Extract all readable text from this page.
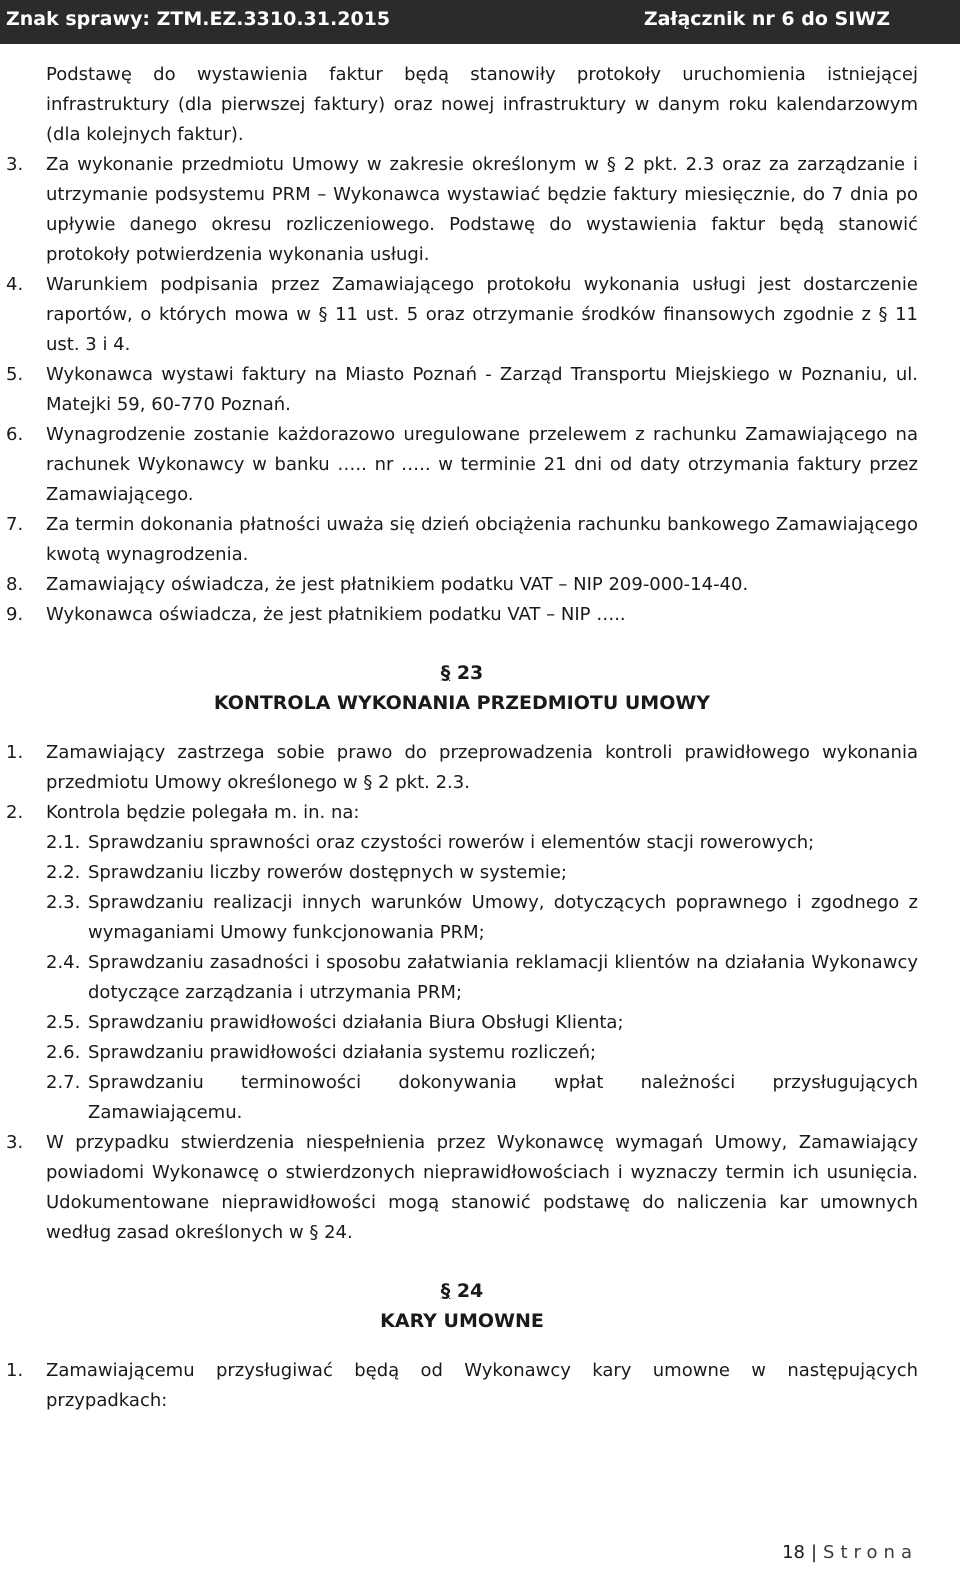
Znak sprawy: ZTM.EZ.3310.31.2015	Załącznik nr 6 do SIWZ
Podstawę do wystawienia faktur będą stanowiły protokoły uruchomienia istniejącej infrastruktury (dla pierwszej faktury) oraz nowej infrastruktury w danym roku kalendarzowym (dla kolejnych faktur).
3. Za wykonanie przedmiotu Umowy w zakresie określonym w § 2 pkt. 2.3 oraz za zarządzanie i utrzymanie podsystemu PRM – Wykonawca wystawiać będzie faktury miesięcznie, do 7 dnia po upływie danego okresu rozliczeniowego. Podstawę do wystawienia faktur będą stanowić protokoły potwierdzenia wykonania usługi.
4. Warunkiem podpisania przez Zamawiającego protokołu wykonania usługi jest dostarczenie raportów, o których mowa w § 11 ust. 5 oraz otrzymanie środków finansowych zgodnie z § 11 ust. 3 i 4.
5. Wykonawca wystawi faktury na Miasto Poznań - Zarząd Transportu Miejskiego w Poznaniu, ul. Matejki 59, 60-770 Poznań.
6. Wynagrodzenie zostanie każdorazowo uregulowane przelewem z rachunku Zamawiającego na rachunek Wykonawcy w banku ….. nr ….. w terminie 21 dni od daty otrzymania faktury przez Zamawiającego.
7. Za termin dokonania płatności uważa się dzień obciążenia rachunku bankowego Zamawiającego kwotą wynagrodzenia.
8. Zamawiający oświadcza, że jest płatnikiem podatku VAT – NIP 209-000-14-40.
9. Wykonawca oświadcza, że jest płatnikiem podatku VAT – NIP …..
§ 23
KONTROLA WYKONANIA PRZEDMIOTU UMOWY
1. Zamawiający zastrzega sobie prawo do przeprowadzenia kontroli prawidłowego wykonania przedmiotu Umowy określonego w § 2 pkt. 2.3.
2. Kontrola będzie polegała m. in. na:
2.1. Sprawdzaniu sprawności oraz czystości rowerów i elementów stacji rowerowych;
2.2. Sprawdzaniu liczby rowerów dostępnych w systemie;
2.3. Sprawdzaniu realizacji innych warunków Umowy, dotyczących poprawnego i zgodnego z wymaganiami Umowy funkcjonowania PRM;
2.4. Sprawdzaniu zasadności i sposobu załatwiania reklamacji klientów na działania Wykonawcy dotyczące zarządzania i utrzymania PRM;
2.5. Sprawdzaniu prawidłowości działania Biura Obsługi Klienta;
2.6. Sprawdzaniu prawidłowości działania systemu rozliczeń;
2.7. Sprawdzaniu terminowości dokonywania wpłat należności przysługujących Zamawiającemu.
3. W przypadku stwierdzenia niespełnienia przez Wykonawcę wymagań Umowy, Zamawiający powiadomi Wykonawcę o stwierdzonych nieprawidłowościach i wyznaczy termin ich usunięcia. Udokumentowane nieprawidłowości mogą stanowić podstawę do naliczenia kar umownych według zasad określonych w § 24.
§ 24
KARY UMOWNE
1. Zamawiającemu przysługiwać będą od Wykonawcy kary umowne w następujących przypadkach:
18 | Strona
